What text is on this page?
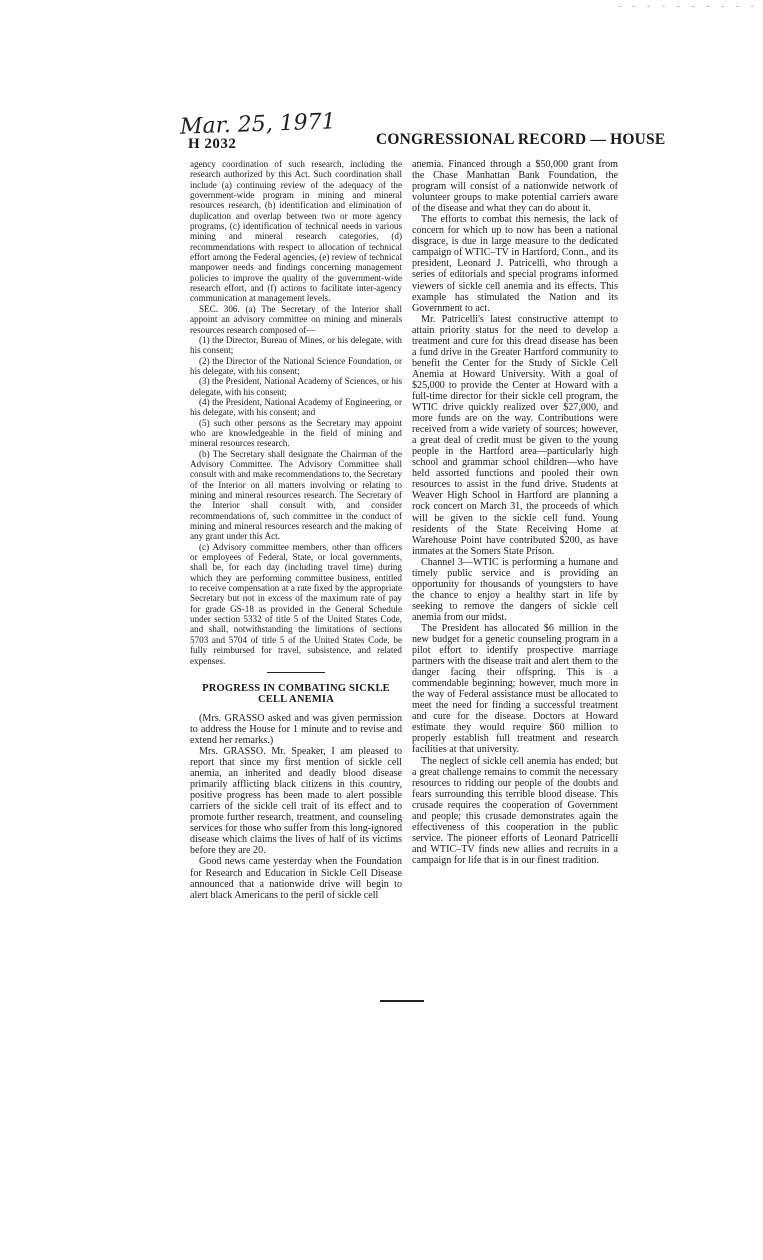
- - - - - - - - - -
Mar. 25, 1971
H 2032	CONGRESSIONAL RECORD — HOUSE

agency coordination of such research, including the research authorized by this Act. Such coordination shall include (a) continuing review of the adequacy of the government-wide program in mining and mineral resources research, (b) identification and elimination of duplication and overlap between two or more agency programs, (c) identification of technical needs in various mining and mineral research categories, (d) recommendations with respect to allocation of technical effort among the Federal agencies, (e) review of technical manpower needs and findings concerning management policies to improve the quality of the government-wide research effort, and (f) actions to facilitate inter-agency communication at management levels.

SEC. 306. (a) The Secretary of the Interior shall appoint an advisory committee on mining and minerals resources research composed of—

(1) the Director, Bureau of Mines, or his delegate, with his consent;

(2) the Director of the National Science Foundation, or his delegate, with his consent;

(3) the President, National Academy of Sciences, or his delegate, with his consent;

(4) the President, National Academy of Engineering, or his delegate, with his consent; and

(5) such other persons as the Secretary may appoint who are knowledgeable in the field of mining and mineral resources research.

(b) The Secretary shall designate the Chairman of the Advisory Committee. The Advisory Committee shall consult with and make recommendations to, the Secretary of the Interior on all matters involving or relating to mining and mineral resources research. The Secretary of the Interior shall consult with, and consider recommendations of, such committee in the conduct of mining and mineral resources research and the making of any grant under this Act.

(c) Advisory committee members, other than officers or employees of Federal, State, or local governments, shall be, for each day (including travel time) during which they are performing committee business, entitled to receive compensation at a rate fixed by the appropriate Secretary but not in excess of the maximum rate of pay for grade GS-18 as provided in the General Schedule under section 5332 of title 5 of the United States Code, and shall, notwithstanding the limitations of sections 5703 and 5704 of title 5 of the United States Code, be fully reimbursed for travel, subsistence, and related expenses.

PROGRESS IN COMBATING SICKLE CELL ANEMIA

(Mrs. GRASSO asked and was given permission to address the House for 1 minute and to revise and extend her remarks.)

Mrs. GRASSO. Mr. Speaker, I am pleased to report that since my first mention of sickle cell anemia, an inherited and deadly blood disease primarily afflicting black citizens in this country, positive progress has been made to alert possible carriers of the sickle cell trait of its effect and to promote further research, treatment, and counseling services for those who suffer from this long-ignored disease which claims the lives of half of its victims before they are 20.

Good news came yesterday when the Foundation for Research and Education in Sickle Cell Disease announced that a nationwide drive will begin to alert black Americans to the peril of sickle cell

anemia. Financed through a $50,000 grant from the Chase Manhattan Bank Foundation, the program will consist of a nationwide network of volunteer groups to make potential carriers aware of the disease and what they can do about it.

The efforts to combat this nemesis, the lack of concern for which up to now has been a national disgrace, is due in large measure to the dedicated campaign of WTIC–TV in Hartford, Conn., and its president, Leonard J. Patricelli, who through a series of editorials and special programs informed viewers of sickle cell anemia and its effects. This example has stimulated the Nation and its Government to act.

Mr. Patricelli's latest constructive attempt to attain priority status for the need to develop a treatment and cure for this dread disease has been a fund drive in the Greater Hartford community to benefit the Center for the Study of Sickle Cell Anemia at Howard University. With a goal of $25,000 to provide the Center at Howard with a full-time director for their sickle cell program, the WTIC drive quickly realized over $27,000, and more funds are on the way. Contributions were received from a wide variety of sources; however, a great deal of credit must be given to the young people in the Hartford area—particularly high school and grammar school children—who have held assorted functions and pooled their own resources to assist in the fund drive. Students at Weaver High School in Hartford are planning a rock concert on March 31, the proceeds of which will be given to the sickle cell fund. Young residents of the State Receiving Home at Warehouse Point have contributed $200, as have inmates at the Somers State Prison.

Channel 3—WTIC is performing a humane and timely public service and is providing an opportunity for thousands of youngsters to have the chance to enjoy a healthy start in life by seeking to remove the dangers of sickle cell anemia from our midst.

The President has allocated $6 million in the new budget for a genetic counseling program in a pilot effort to identify prospective marriage partners with the disease trait and alert them to the danger facing their offspring. This is a commendable beginning; however, much more in the way of Federal assistance must be allocated to meet the need for finding a successful treatment and cure for the disease. Doctors at Howard estimate they would require $60 million to properly establish full treatment and research facilities at that university.

The neglect of sickle cell anemia has ended; but a great challenge remains to commit the necessary resources to ridding our people of the doubts and fears surrounding this terrible blood disease. This crusade requires the cooperation of Government and people; this crusade demonstrates again the effectiveness of this cooperation in the public service. The pioneer efforts of Leonard Patricelli and WTIC–TV finds new allies and recruits in a campaign for life that is in our finest tradition.
